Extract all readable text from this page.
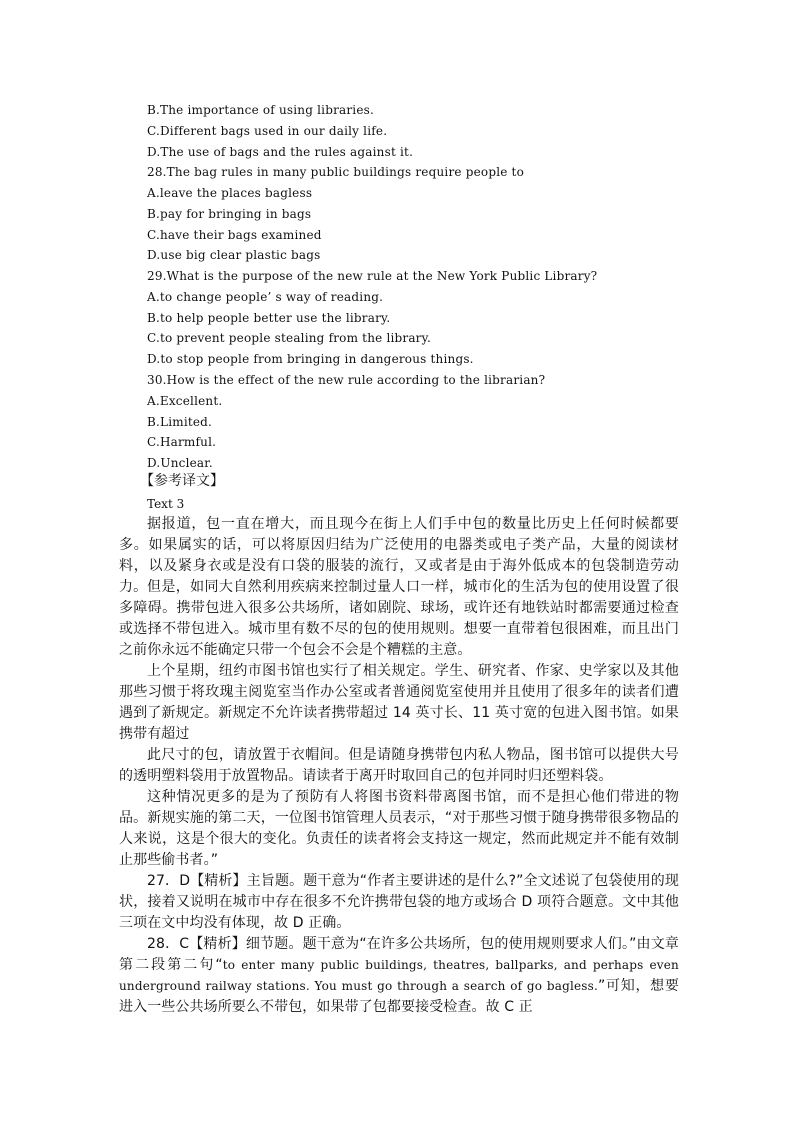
B.The importance of using libraries.

C.Different bags used in our daily life.

D.The use of bags and the rules against it.

28.The bag rules in many public buildings require people to

A.leave the places bagless

B.pay for bringing in bags

C.have their bags examined

D.use big clear plastic bags

29.What is the purpose of the new rule at the New York Public Library?

A.to change people’ s way of reading.

B.to help people better use the library.

C.to prevent people stealing from the library.

D.to stop people from bringing in dangerous things.

30.How is the effect of the new rule according to the librarian?

A.Excellent.

B.Limited.

C.Harmful.

D.Unclear.

【参考译文】

Text 3

据报道，包一直在增大，而且现今在街上人们手中包的数量比历史上任何时候都要多。如果属实的话，可以将原因归结为广泛使用的电器类或电子类产品，大量的阅读材料，以及紧身衣或是没有口袋的服装的流行，又或者是由于海外低成本的包袋制造劳动力。 但是，如同大自然利用疾病来控制过量人口一样，城市化的生活为包的使用设置了很多障碍。携带包进入很多公共场所，诸如剧院、球场，或许还有地铁站时都需要通过检查或选择不带包进入。城市里有数不尽的包的使用规则。想要一直带着包很困难，而且出门之前你永远不能确定只带一个包会不会是个糟糕的主意。

上个星期，纽约市图书馆也实行了相关规定。学生、研究者、作家、史学家以及其他那些习惯于将玫瑰主阅览室当作办公室或者普通阅览室使用并且使用了很多年的读者们遭遇到了新规定。新规定不允许读者携带超过 14 英寸长、11 英寸宽的包进入图书馆。如果携带有超过

此尺寸的包，请放置于衣帽间。但是请随身携带包内私人物品，图书馆可以提供大号的透明塑料袋用于放置物品。请读者于离开时取回自己的包并同时归还塑料袋。

这种情况更多的是为了预防有人将图书资料带离图书馆，而不是担心他们带进的物品。新规实施的第二天，一位图书馆管理人员表示，“对于那些习惯于随身携带很多物品的人来说，这是个很大的变化。负责任的读者将会支持这一规定，然而此规定并不能有效制止那些偷书者。”

27．D【精析】主旨题。题干意为“作者主要讲述的是什么?”全文述说了包袋使用的现状，接着又说明在城市中存在很多不允许携带包袋的地方或场合 D 项符合题意。文中其他三项在文中均没有体现，故 D 正确。

28．C【精析】细节题。题干意为“在许多公共场所，包的使用规则要求人们。”由文章第二段第二句“to enter many public buildings, theatres, ballparks, and perhaps even underground railway stations. You must go through a search of go bagless.”可知，想要进入一些公共场所要么不带包，如果带了包都要接受检查。故 C 正
